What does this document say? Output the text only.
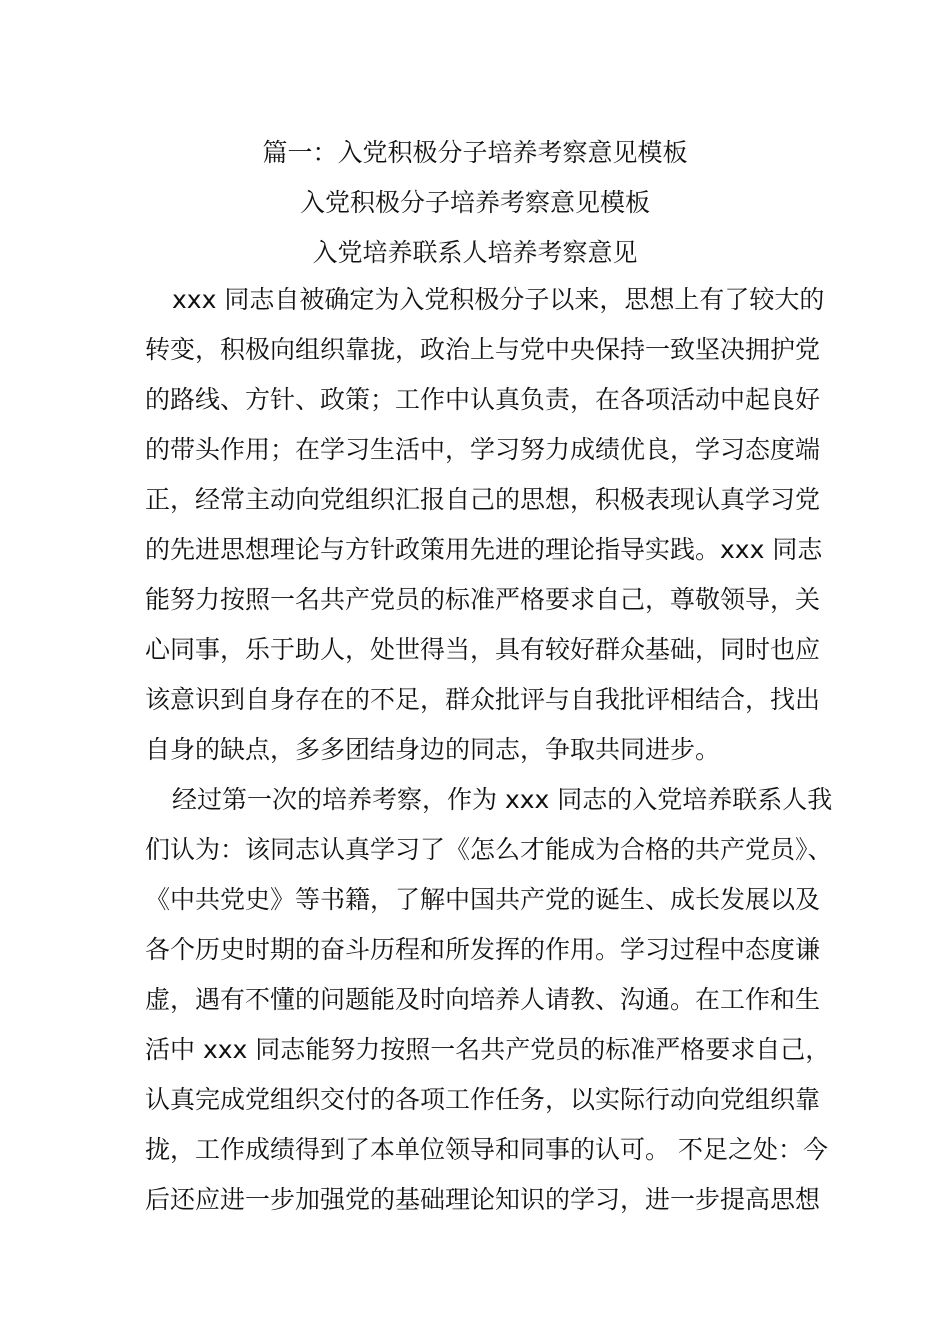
篇一：入党积极分子培养考察意见模板
入党积极分子培养考察意见模板
入党培养联系人培养考察意见
xxx 同志自被确定为入党积极分子以来，思想上有了较大的
转变，积极向组织靠拢，政治上与党中央保持一致坚决拥护党
的路线、方针、政策；工作中认真负责，在各项活动中起良好
的带头作用；在学习生活中，学习努力成绩优良，学习态度端
正，经常主动向党组织汇报自己的思想，积极表现认真学习党
的先进思想理论与方针政策用先进的理论指导实践。xxx 同志
能努力按照一名共产党员的标准严格要求自己，尊敬领导，关
心同事，乐于助人，处世得当，具有较好群众基础，同时也应
该意识到自身存在的不足，群众批评与自我批评相结合，找出
自身的缺点，多多团结身边的同志，争取共同进步。
经过第一次的培养考察，作为 xxx 同志的入党培养联系人我
们认为：该同志认真学习了《怎么才能成为合格的共产党员》、
《中共党史》等书籍，了解中国共产党的诞生、成长发展以及
各个历史时期的奋斗历程和所发挥的作用。学习过程中态度谦
虚，遇有不懂的问题能及时向培养人请教、沟通。在工作和生
活中 xxx 同志能努力按照一名共产党员的标准严格要求自己，
认真完成党组织交付的各项工作任务，以实际行动向党组织靠
拢，工作成绩得到了本单位领导和同事的认可。 不足之处：今
后还应进一步加强党的基础理论知识的学习，进一步提高思想
